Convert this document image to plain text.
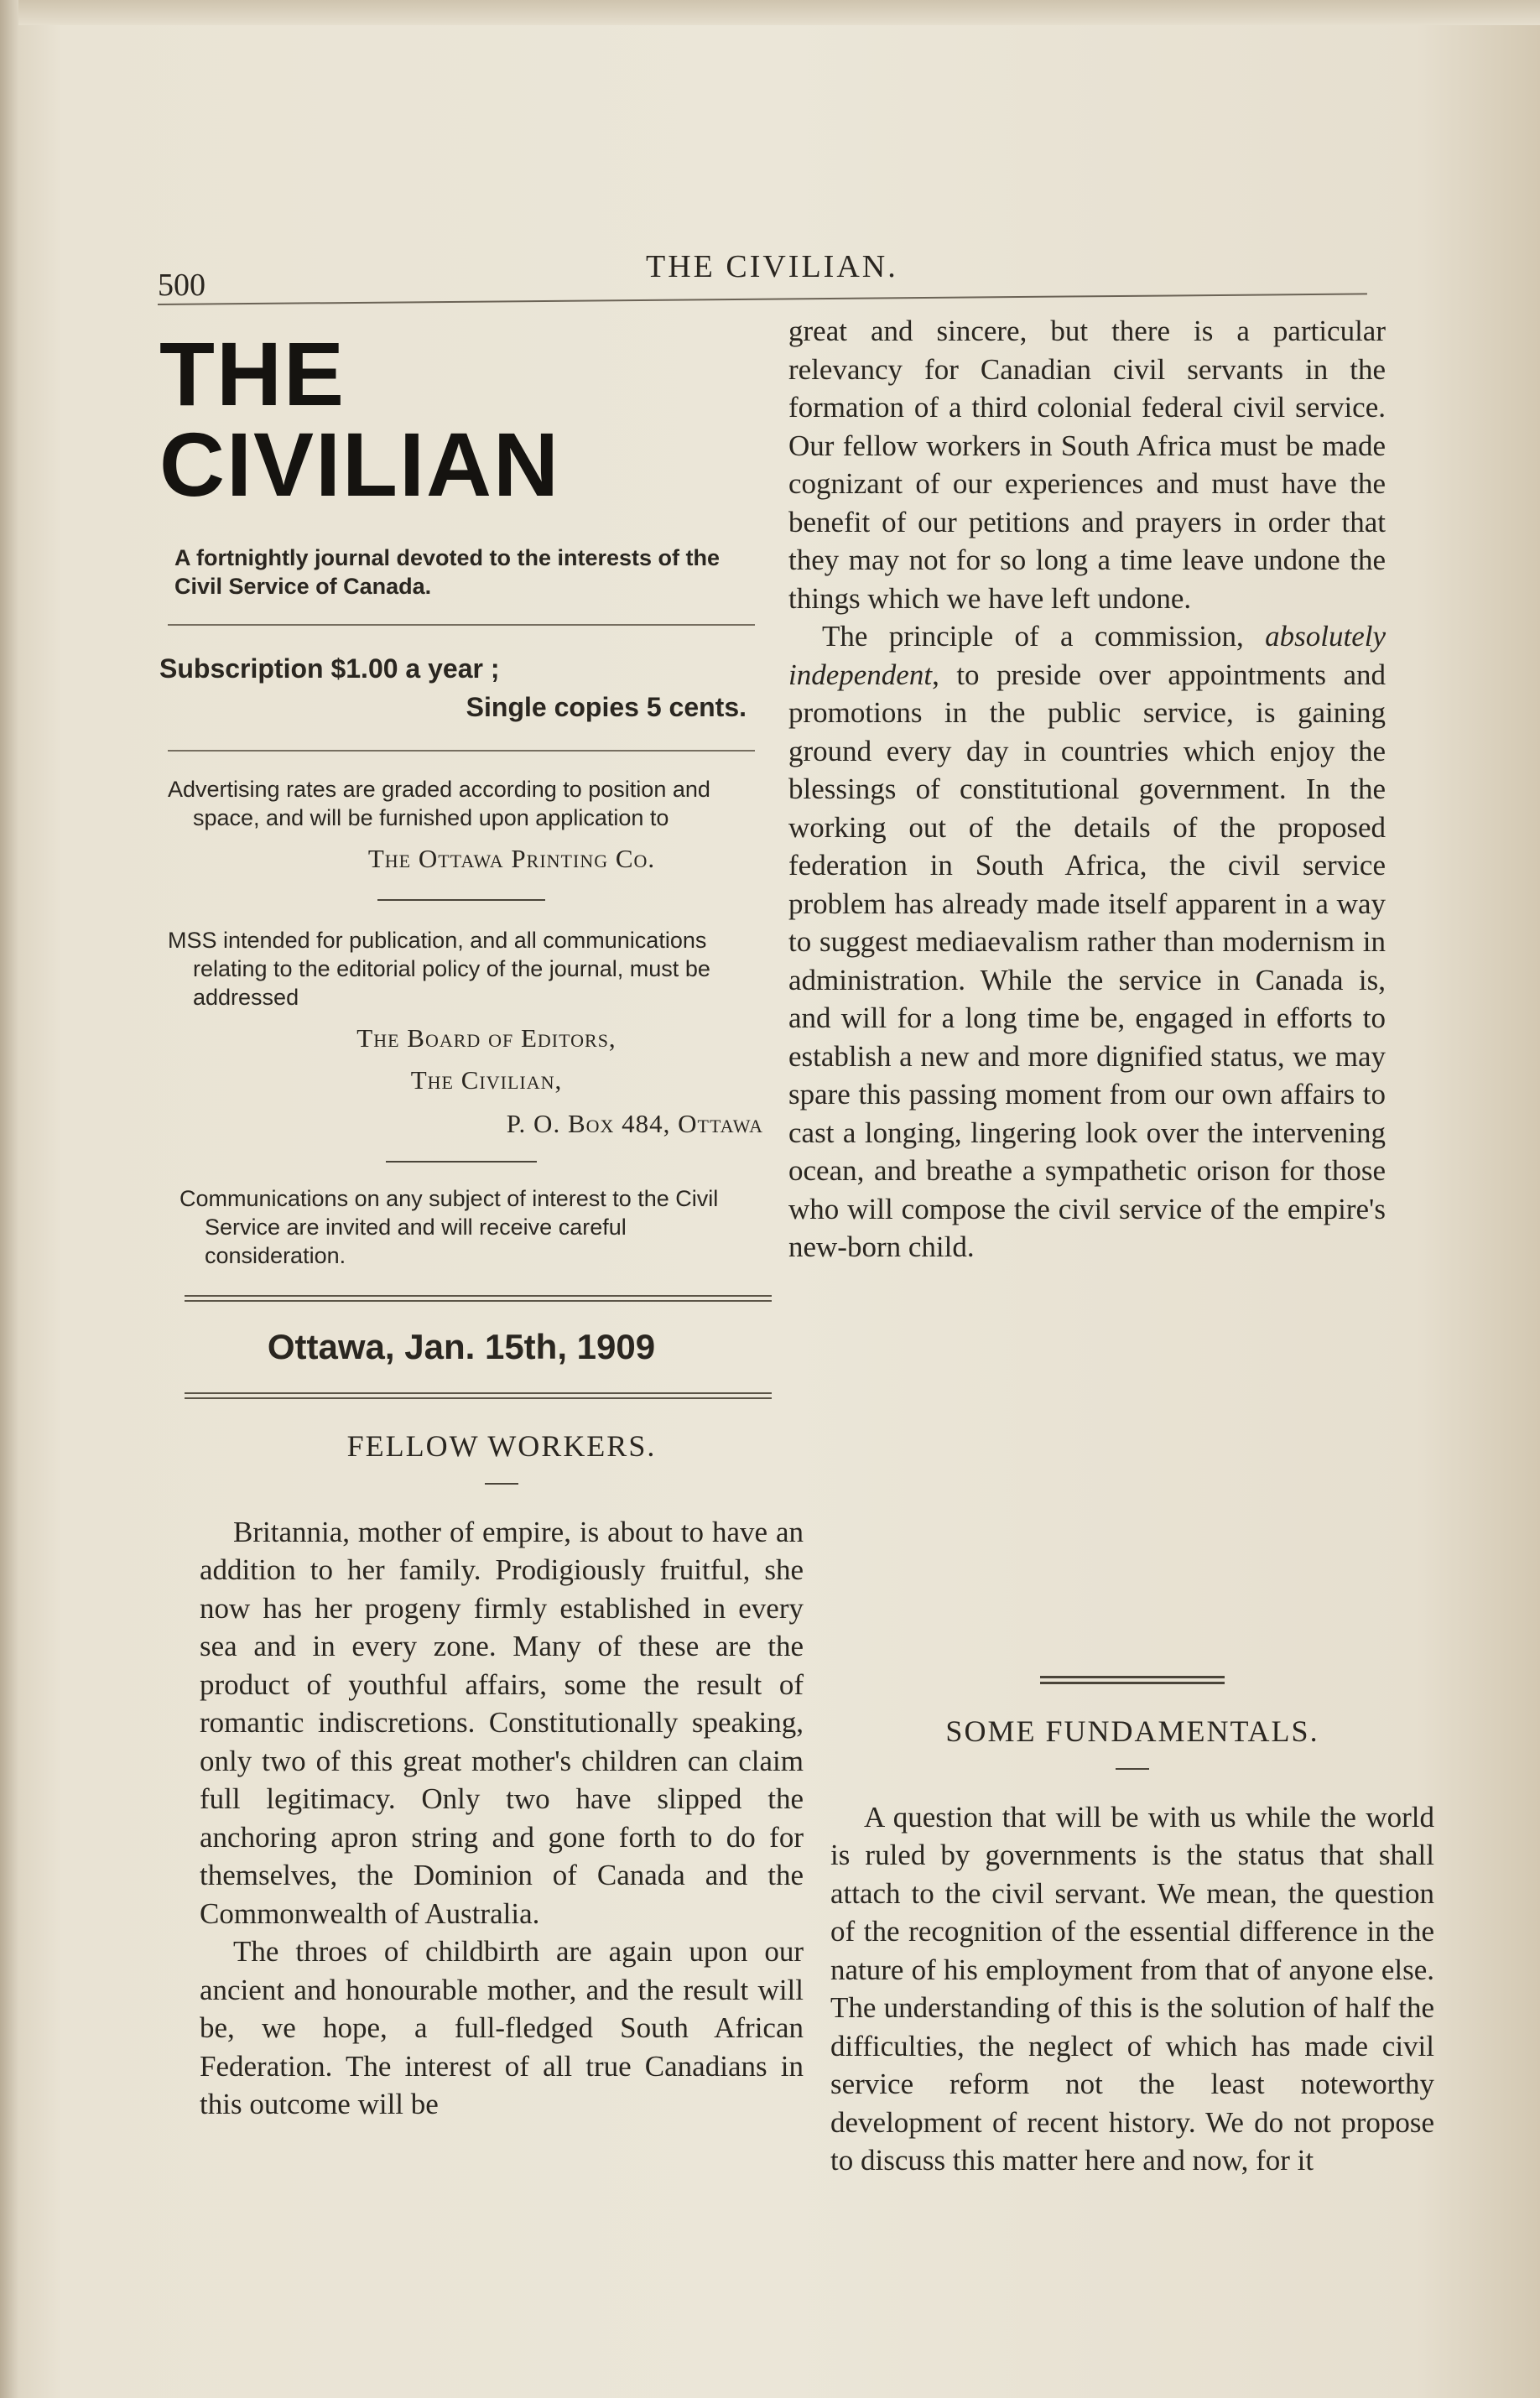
500
THE CIVILIAN.
THE CIVILIAN
A fortnightly journal devoted to the interests of the Civil Service of Canada.
Subscription $1.00 a year ;
Single copies 5 cents.
Advertising rates are graded according to position and space, and will be furnished upon application to
The Ottawa Printing Co.
MSS intended for publication, and all communications relating to the editorial policy of the journal, must be addressed
The Board of Editors,
The Civilian,
P. O. Box 484, Ottawa
Communications on any subject of interest to the Civil Service are invited and will receive careful consideration.
Ottawa, Jan. 15th, 1909
FELLOW WORKERS.

Britannia, mother of empire, is about to have an addition to her family. Prodigiously fruitful, she now has her progeny firmly established in every sea and in every zone. Many of these are the product of youthful affairs, some the result of romantic indiscretions. Constitutionally speaking, only two of this great mother's children can claim full legitimacy. Only two have slipped the anchoring apron string and gone forth to do for themselves, the Dominion of Canada and the Commonwealth of Australia.

The throes of childbirth are again upon our ancient and honourable mother, and the result will be, we hope, a full-fledged South African Federation. The interest of all true Canadians in this outcome will be

great and sincere, but there is a particular relevancy for Canadian civil servants in the formation of a third colonial federal civil service. Our fellow workers in South Africa must be made cognizant of our experiences and must have the benefit of our petitions and prayers in order that they may not for so long a time leave undone the things which we have left undone.

The principle of a commission, absolutely independent, to preside over appointments and promotions in the public service, is gaining ground every day in countries which enjoy the blessings of constitutional government. In the working out of the details of the proposed federation in South Africa, the civil service problem has already made itself apparent in a way to suggest mediaevalism rather than modernism in administration. While the service in Canada is, and will for a long time be, engaged in efforts to establish a new and more dignified status, we may spare this passing moment from our own affairs to cast a longing, lingering look over the intervening ocean, and breathe a sympathetic orison for those who will compose the civil service of the empire's new-born child.

SOME FUNDAMENTALS.

A question that will be with us while the world is ruled by governments is the status that shall attach to the civil servant. We mean, the question of the recognition of the essential difference in the nature of his employment from that of anyone else. The understanding of this is the solution of half the difficulties, the neglect of which has made civil service reform not the least noteworthy development of recent history. We do not propose to discuss this matter here and now, for it
